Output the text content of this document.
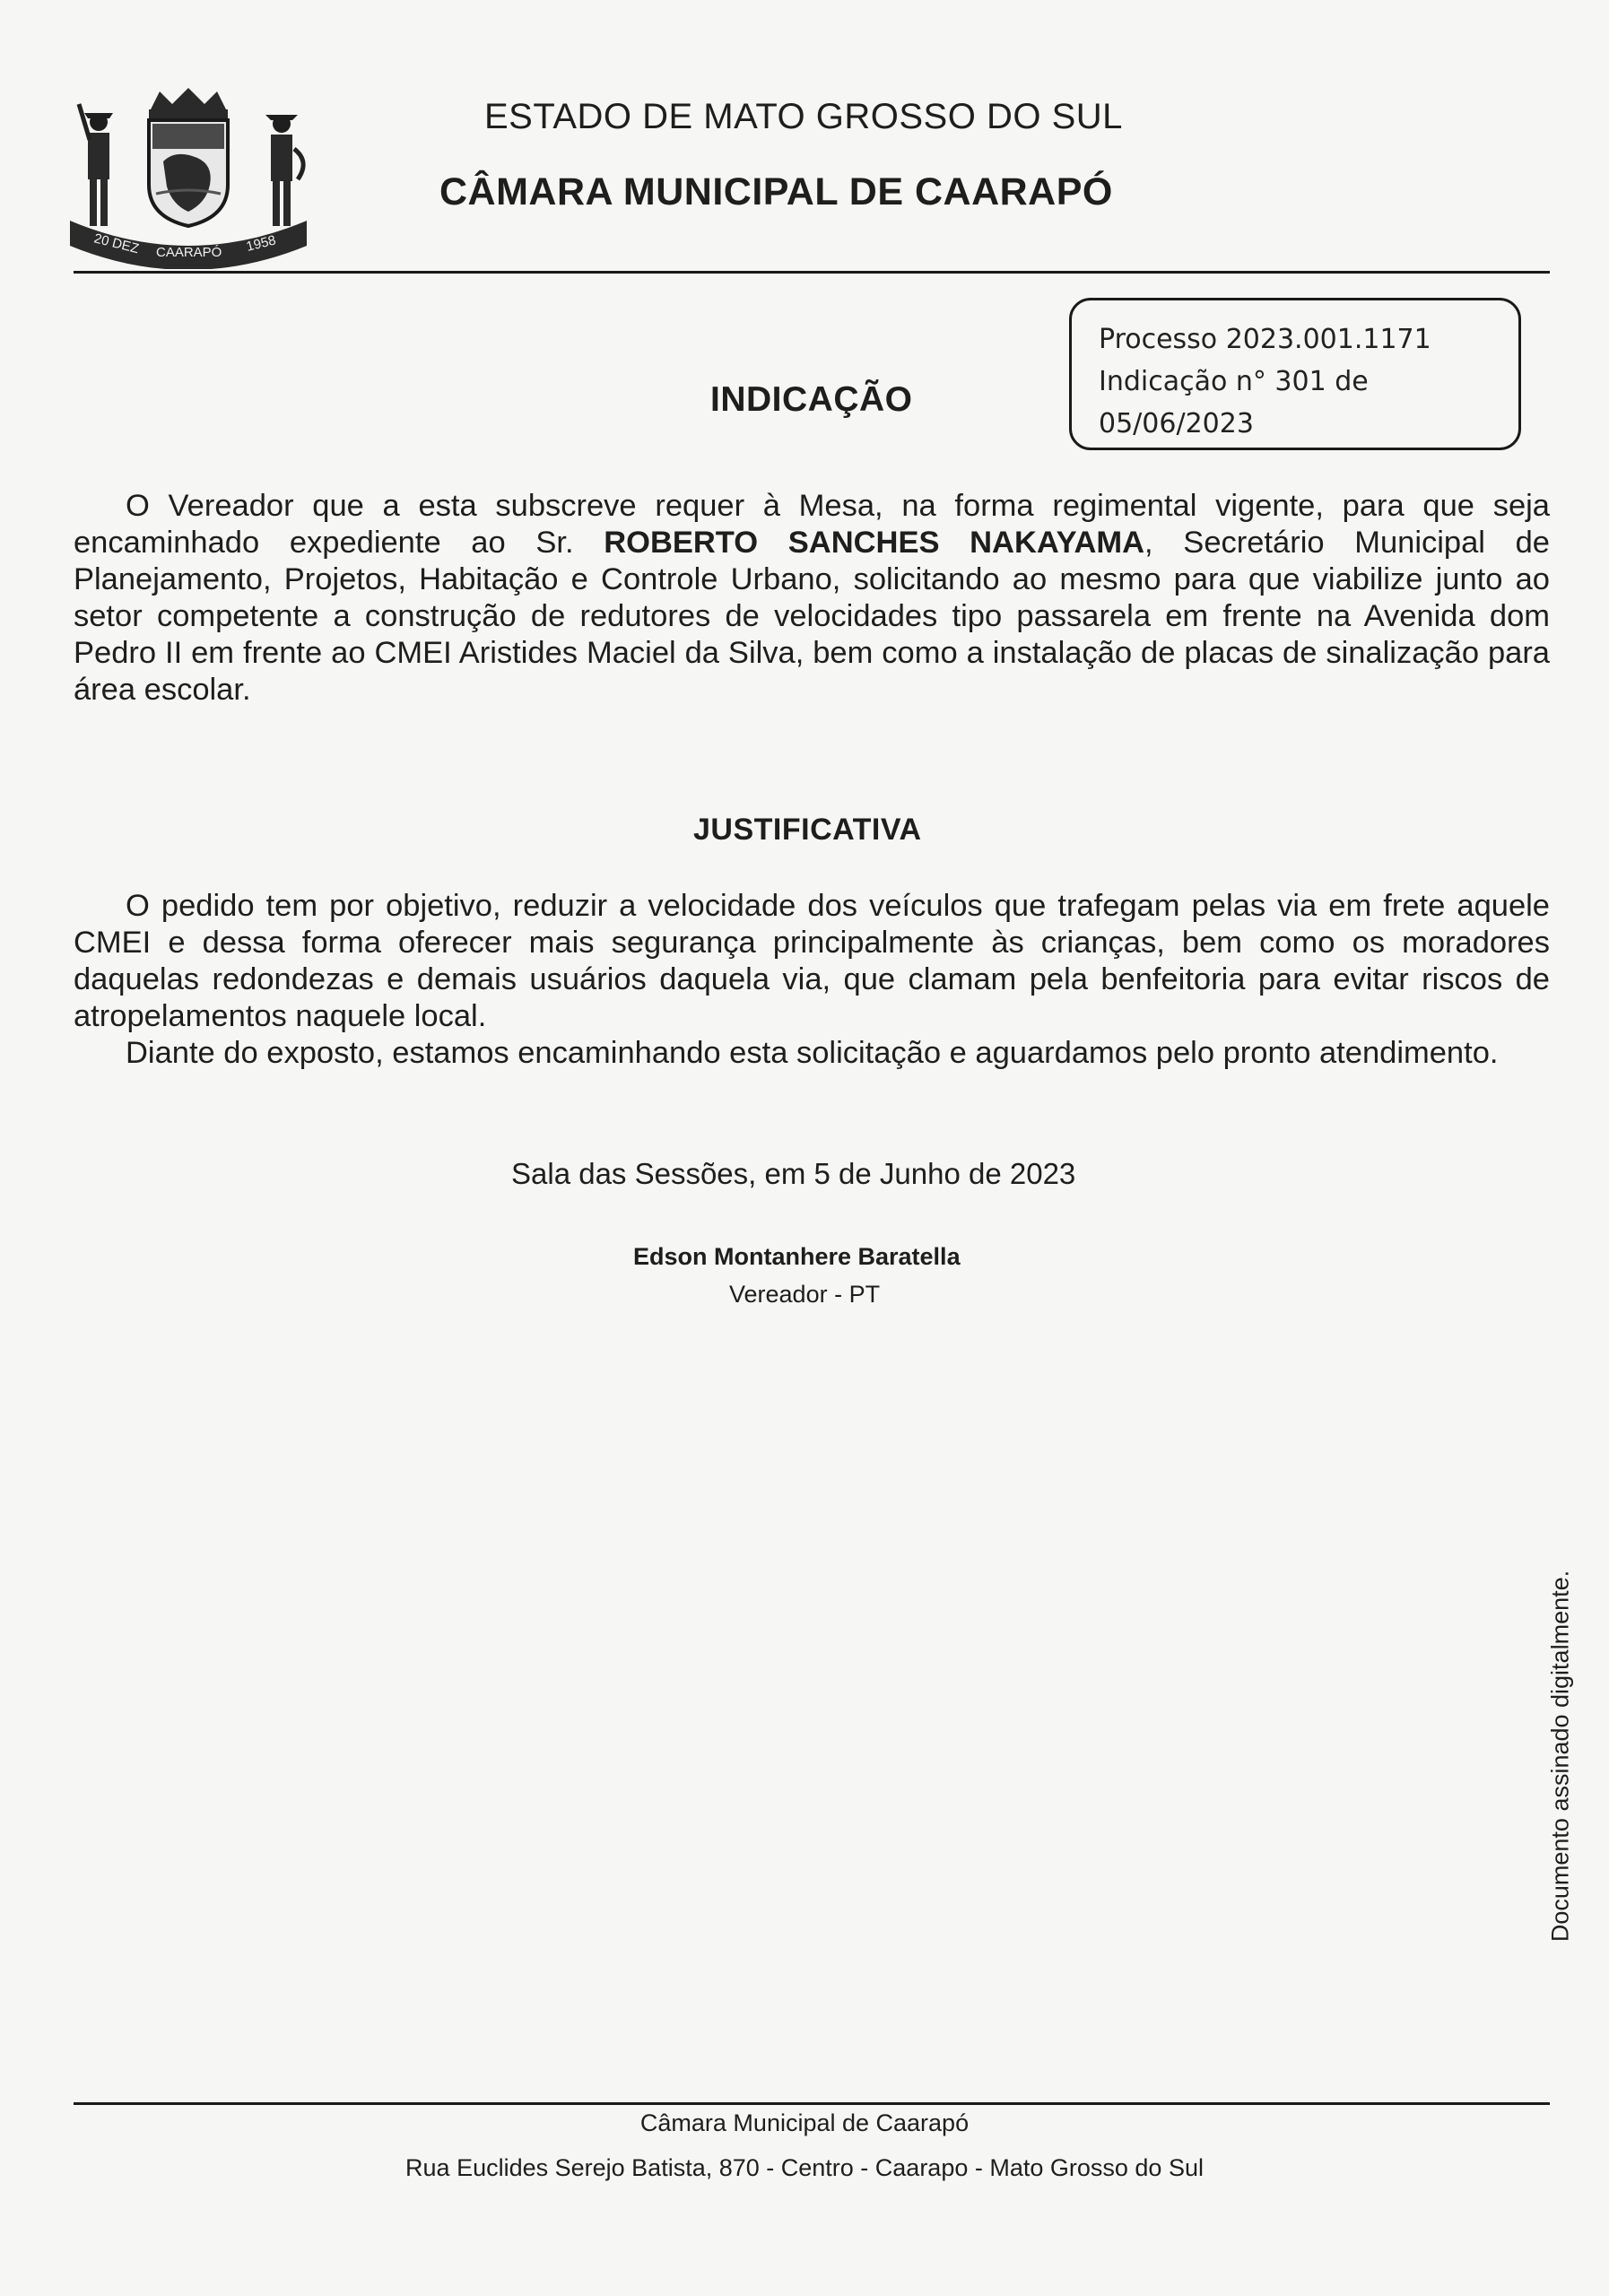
20 DEZ CAARAPÓ 1958
ESTADO DE MATO GROSSO DO SUL
CÂMARA MUNICIPAL DE CAARAPÓ
Processo 2023.001.1171
Indicação n° 301 de
05/06/2023
INDICAÇÃO

O Vereador que a esta subscreve requer à Mesa, na forma regimental vigente, para que seja encaminhado expediente ao Sr. ROBERTO SANCHES NAKAYAMA, Secretário Municipal de Planejamento, Projetos, Habitação e Controle Urbano, solicitando ao mesmo para que viabilize junto ao setor competente a construção de redutores de velocidades tipo passarela em frente na Avenida dom Pedro II em frente ao CMEI Aristides Maciel da Silva, bem como a instalação de placas de sinalização para área escolar.

JUSTIFICATIVA

O pedido tem por objetivo, reduzir a velocidade dos veículos que trafegam pelas via em frete aquele CMEI e dessa forma oferecer mais segurança principalmente às crianças, bem como os moradores daquelas redondezas e demais usuários daquela via, que clamam pela benfeitoria para evitar riscos de atropelamentos naquele local.

Diante do exposto, estamos encaminhando esta solicitação e aguardamos pelo pronto atendimento.

Sala das Sessões, em 5 de Junho de 2023
Edson Montanhere Baratella
Vereador - PT
Documento assinado digitalmente.
Câmara Municipal de Caarapó
Rua Euclides Serejo Batista, 870 - Centro - Caarapo - Mato Grosso do Sul
